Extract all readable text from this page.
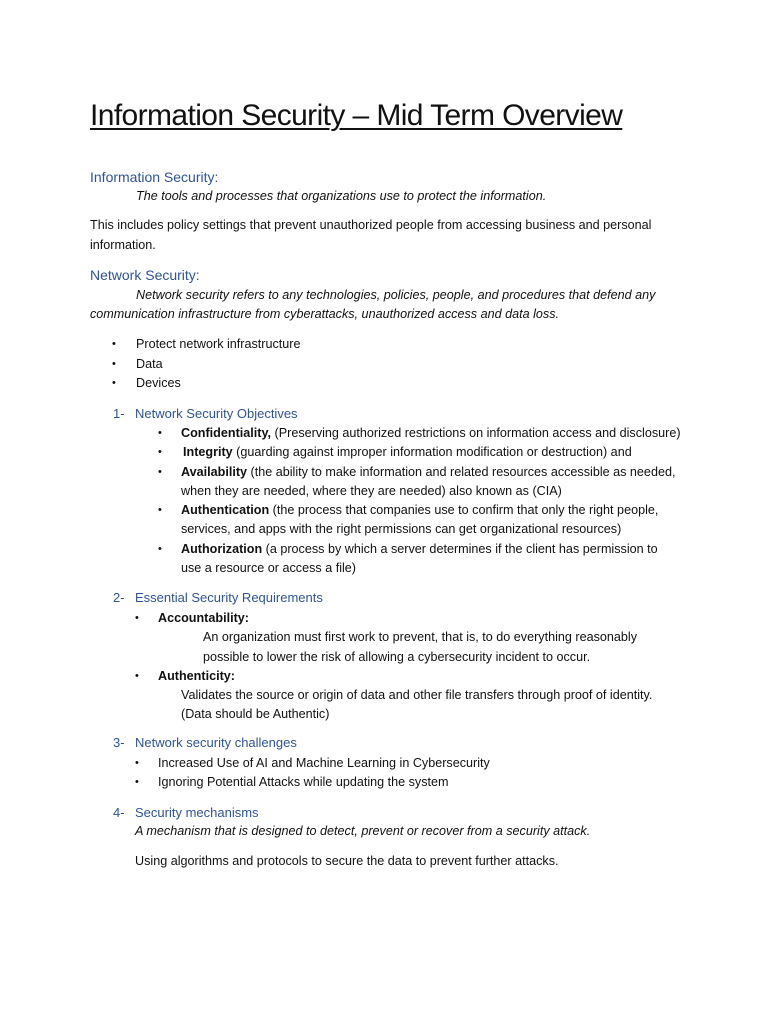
Information Security – Mid Term Overview
Information Security:
The tools and processes that organizations use to protect the information.
This includes policy settings that prevent unauthorized people from accessing business and personal
information.
Network Security:
Network security refers to any technologies, policies, people, and procedures that defend any
communication infrastructure from cyberattacks, unauthorized access and data loss.
• Protect network infrastructure
• Data
• Devices
1- Network Security Objectives
• Confidentiality, (Preserving authorized restrictions on information access and disclosure)
• Integrity (guarding against improper information modification or destruction) and
• Availability (the ability to make information and related resources accessible as needed,
when they are needed, where they are needed) also known as (CIA)
• Authentication (the process that companies use to confirm that only the right people,
services, and apps with the right permissions can get organizational resources)
• Authorization (a process by which a server determines if the client has permission to
use a resource or access a file)
2- Essential Security Requirements
• Accountability:
An organization must first work to prevent, that is, to do everything reasonably
possible to lower the risk of allowing a cybersecurity incident to occur.
• Authenticity:
Validates the source or origin of data and other file transfers through proof of identity.
(Data should be Authentic)
3- Network security challenges
• Increased Use of AI and Machine Learning in Cybersecurity
• Ignoring Potential Attacks while updating the system
4- Security mechanisms
A mechanism that is designed to detect, prevent or recover from a security attack.
Using algorithms and protocols to secure the data to prevent further attacks.
